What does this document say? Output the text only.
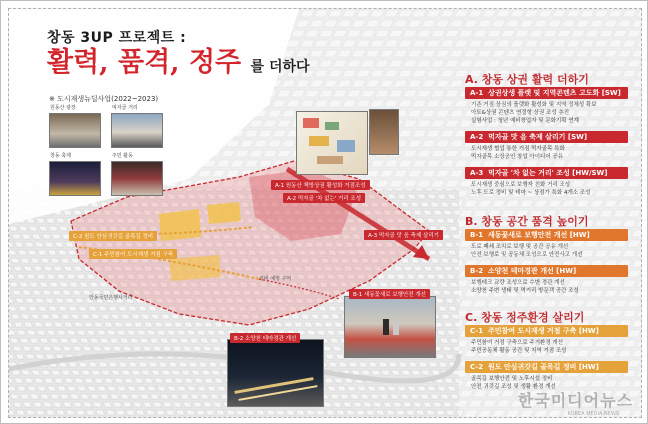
창동 3UP 프로젝트 :
활력, 품격, 정주 를 더하다
※ 도시재생뉴딜사업(2022~2023)
원동산 광장	먹자골 거리
창동 축제	주민 활동
A-1 원동산 책방상권 활성화 거점조성
A-2 먹자골 '차 없는' 거리 조성
A-3 먹자골 맛 음 축제 살리기
C-2 원도 안심귀갓길 골목길 정비
C-1 주민참여 도시재생 거점 구축
정비 예정 구역
안동국민은행사거리	B-1 새동꽃새로 보행안전 개선
B-2 소양천 테마경관 개선
A. 창동 상권 활력 더하기
A-1 상권상생 플랫 및 지역콘텐츠 고도화 [SW]
기존 거점 상권의 플랫화 활성화 및 지역 정체성 확보
아트&상권 콘텐츠 연결형 상권 조성 추진
실험사업 : 청년 예비창업자 및 문화기획 연계
A-2 먹자골 맛 음 축제 살리기 [SW]
도시재생 협업 통한 거점 먹자골목 특화
먹자골목 소상공인 창업 아이디어 공유
A-3 먹자골 '차 없는 거리' 조성 [HW/SW]
도시재생 중심으로 보행자 친화 거리 조성
노후 도로 정비 및 테마 ~ 상점가 특화 4개소 조성
B. 창동 공간 품격 높이기
B-1 새동꽃새로 보행안전 개선 [HW]
도로 폐쇄 조치로 보행 및 공간 공유 개선
안전 보행로 및 공동체 조성으로 안전사고 개선
B-2 소양천 테마경관 개선 [HW]
보행데크 교량 조성으로 수변 경관 개선
소양천 주변 생태 및 먹거리 방문객 공간 조성
C. 창동 정주환경 살리기
C-1 주민참여 도시재생 거점 구축 [HW]
주민참여 거점 구축으로 주거환경 개선
주민공동체 활동 공간 및 지역 거점 조성
C-2 원도 안심귀갓길 골목길 정비 [HW]
골목길 보행안전 및 노후시설 정비
안전 귀갓길 조성 및 생활 환경 개선
한국미디어뉴스
KOREA MEDIA NEWS
